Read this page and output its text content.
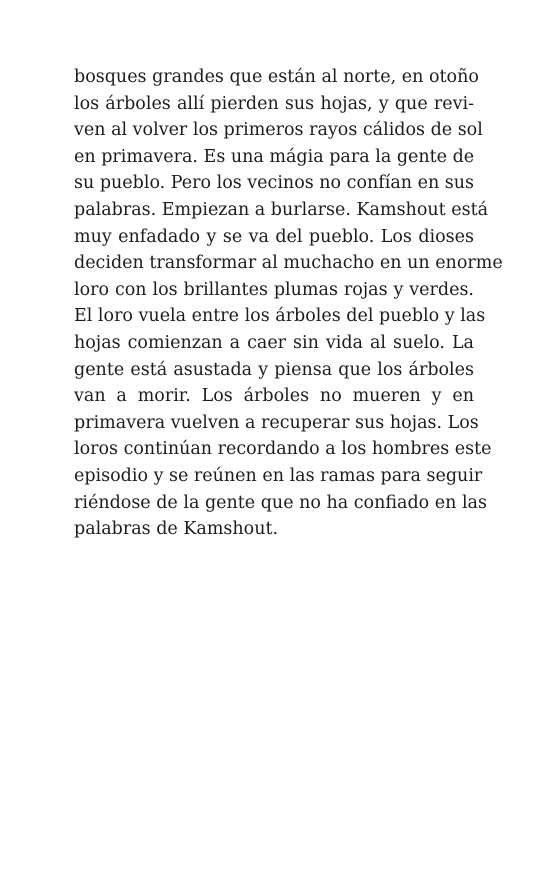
bosques grandes que están al norte, en otoño
los árboles allí pierden sus hojas, y que revi-
ven al volver los primeros rayos cálidos de sol
en primavera. Es una mágia para la gente de
su pueblo. Pero los vecinos no confían en sus
palabras. Empiezan a burlarse. Kamshout está
muy enfadado y se va del pueblo. Los dioses
deciden transformar al muchacho en un enorme
loro con los brillantes plumas rojas y verdes.
El loro vuela entre los árboles del pueblo y las
hojas comienzan a caer sin vida al suelo. La
gente está asustada y piensa que los árboles
van a morir. Los árboles no mueren y en
primavera vuelven a recuperar sus hojas. Los
loros continúan recordando a los hombres este
episodio y se reúnen en las ramas para seguir
riéndose de la gente que no ha confiado en las
palabras de Kamshout.
